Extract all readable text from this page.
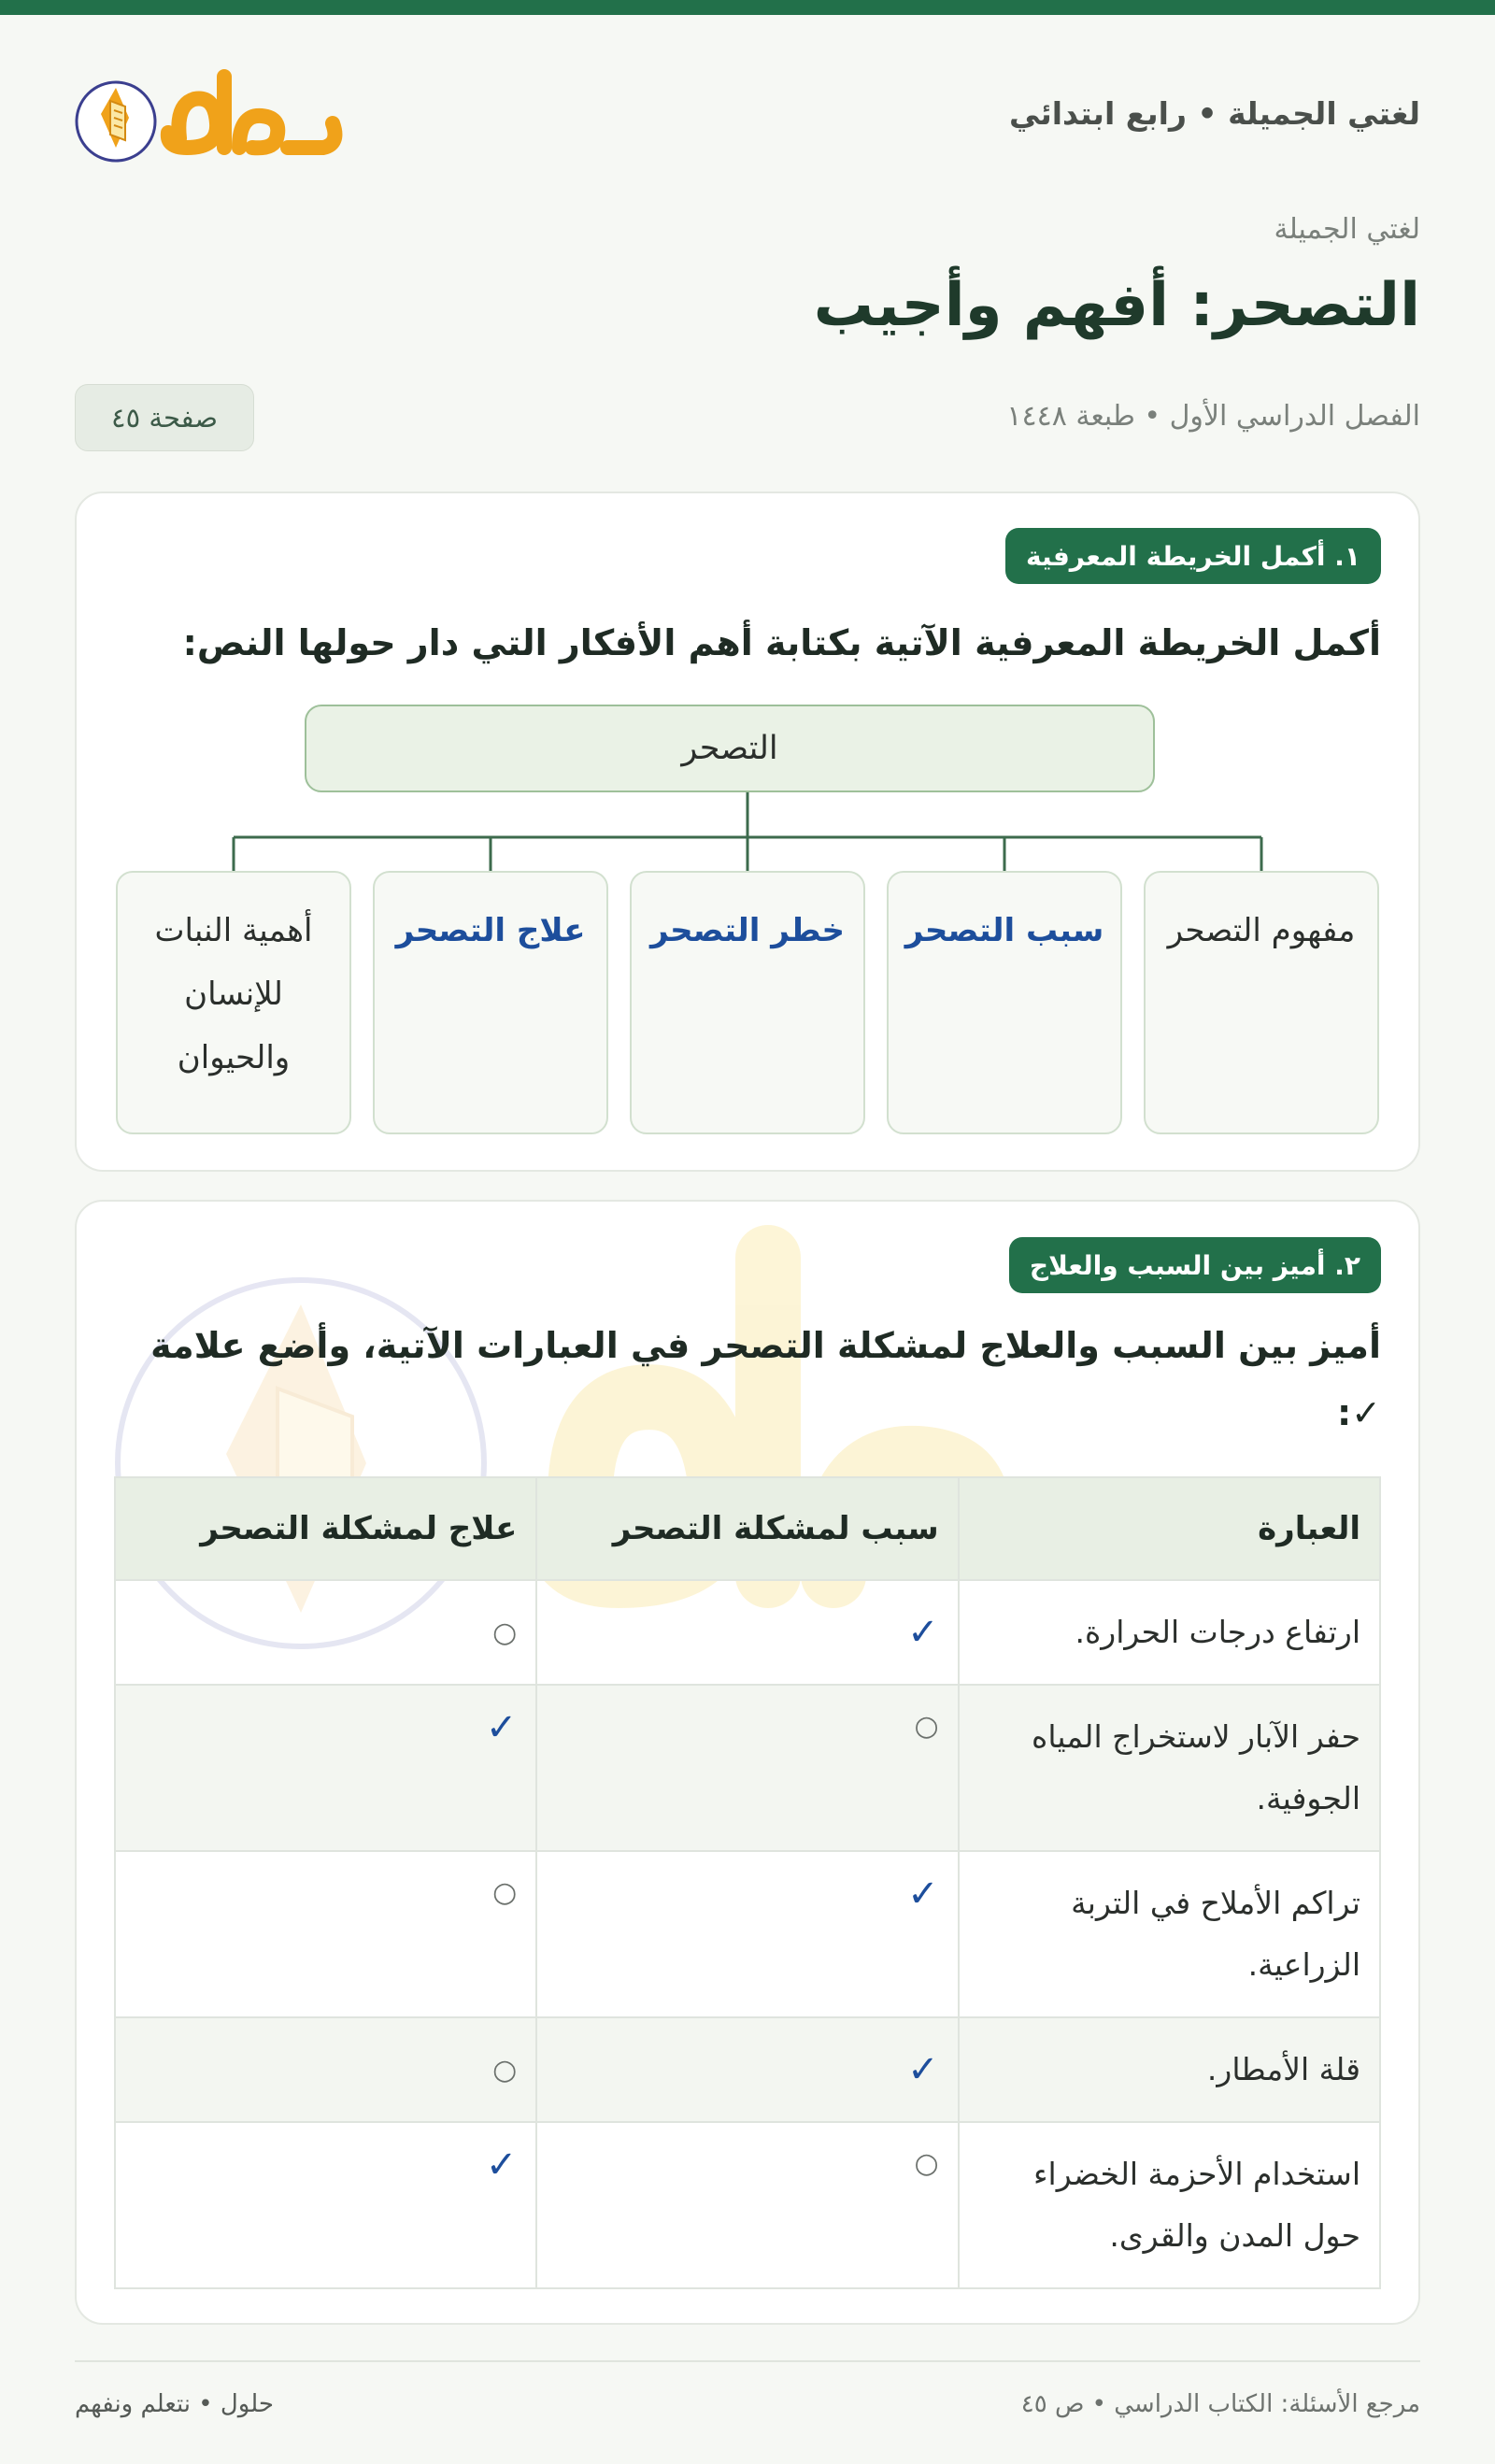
لغتي الجميلة • رابع ابتدائي
لغتي الجميلة
التصحر: أفهم وأجيب
الفصل الدراسي الأول • طبعة ١٤٤٨
صفحة ٤٥
١. أكمل الخريطة المعرفية
أكمل الخريطة المعرفية الآتية بكتابة أهم الأفكار التي دار حولها النص:
التصحر
مفهوم التصحر
سبب التصحر
خطر التصحر
علاج التصحر
أهمية النبات للإنسان والحيوان
٢. أميز بين السبب والعلاج
أميز بين السبب والعلاج لمشكلة التصحر في العبارات الآتية، وأضع علامة ✓:
العبارة
سبب لمشكلة التصحر
علاج لمشكلة التصحر
ارتفاع درجات الحرارة.
✓
○
حفر الآبار لاستخراج المياه الجوفية.
○
✓
تراكم الأملاح في التربة الزراعية.
✓
○
قلة الأمطار.
✓
○
استخدام الأحزمة الخضراء حول المدن والقرى.
○
✓
مرجع الأسئلة: الكتاب الدراسي • ص ٤٥
حلول • نتعلم ونفهم
